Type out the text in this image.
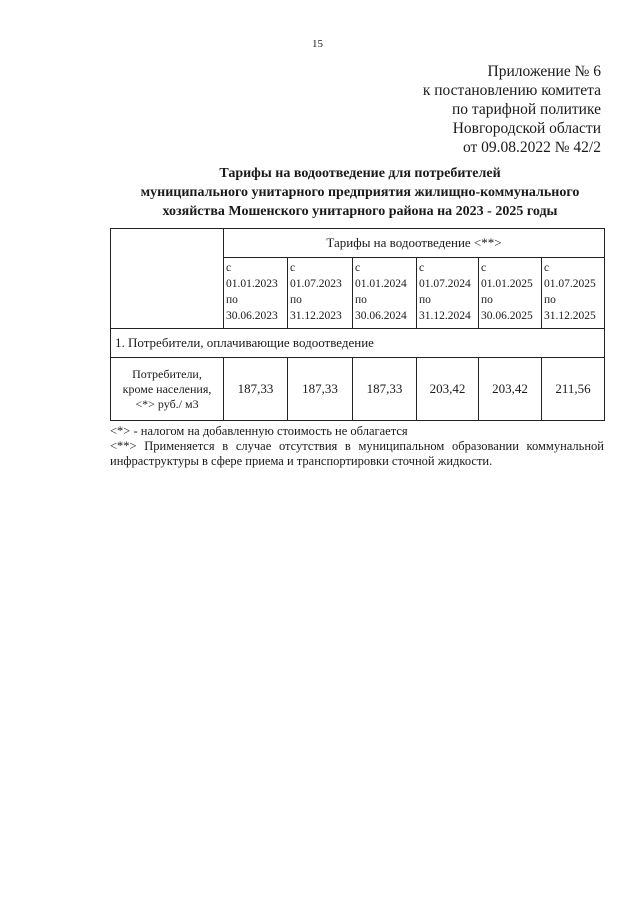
15
Приложение № 6
к постановлению комитета
по тарифной политике
Новгородской области
от 09.08.2022 № 42/2
Тарифы на водоотведение для потребителей
муниципального унитарного предприятия жилищно-коммунального
хозяйства Мошенского унитарного района на 2023 - 2025 годы
	Тарифы на водоотведение <**>					

	с
01.01.2023
по
30.06.2023	с
01.07.2023
по
31.12.2023	с
01.01.2024
по
30.06.2024	с
01.07.2024
по
31.12.2024	с
01.01.2025
по
30.06.2025	с
01.07.2025
по
31.12.2025

1. Потребители, оплачивающие водоотведение						

Потребители,
кроме населения,
<*> руб./ м3	187,33	187,33	187,33	203,42	203,42	211,56
<*> - налогом на добавленную стоимость не облагается
<**> Применяется в случае отсутствия в муниципальном образовании коммунальной
инфраструктуры в сфере приема и транспортировки сточной жидкости.
